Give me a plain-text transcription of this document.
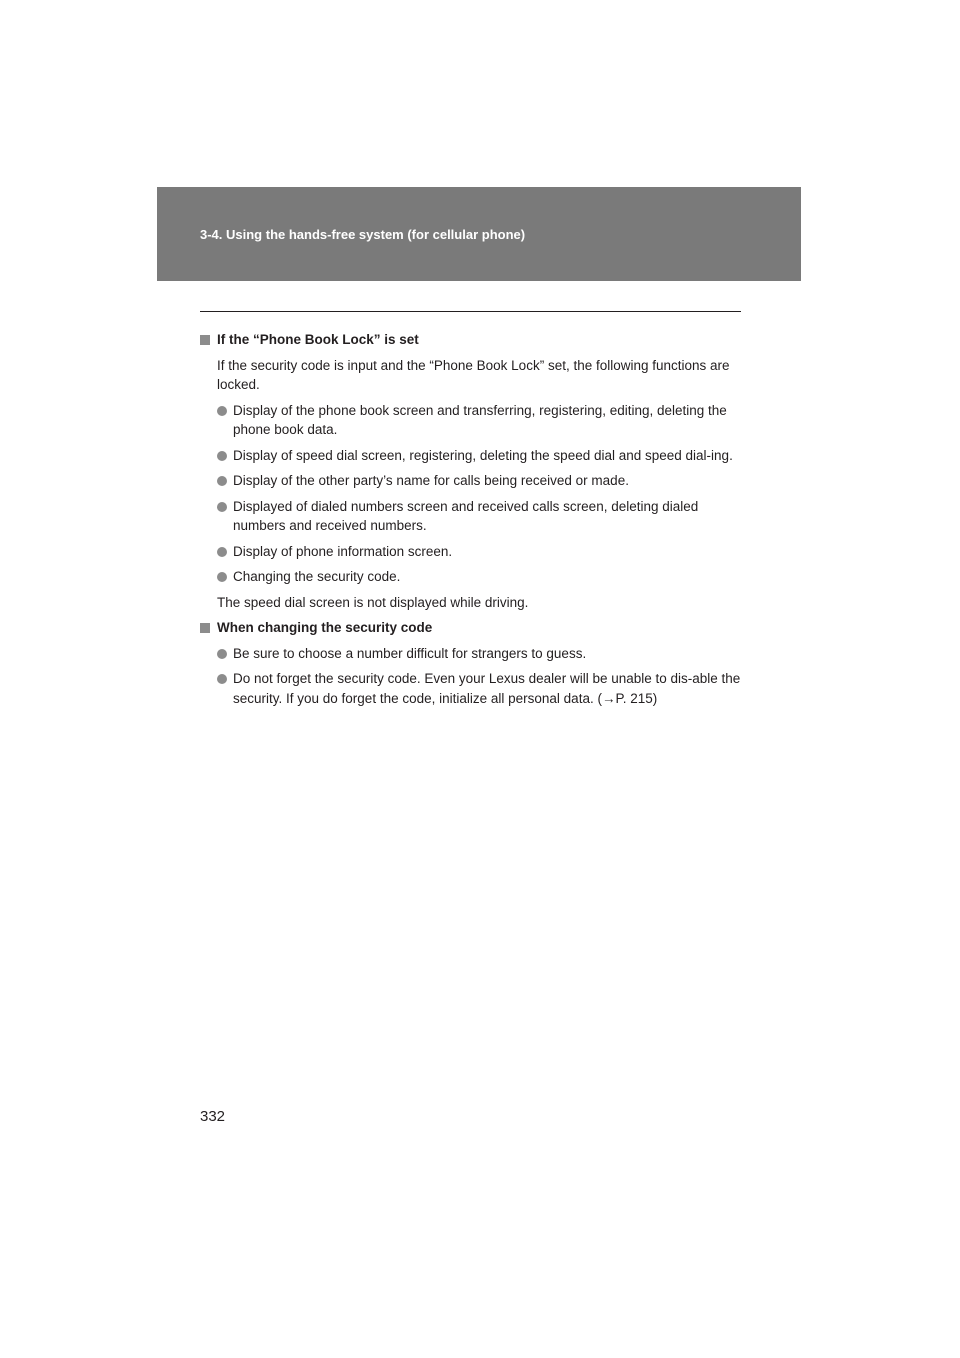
3-4. Using the hands-free system (for cellular phone)
If the “Phone Book Lock” is set
If the security code is input and the “Phone Book Lock” set, the following functions are locked.
Display of the phone book screen and transferring, registering, editing, deleting the phone book data.
Display of speed dial screen, registering, deleting the speed dial and speed dial-ing.
Display of the other party’s name for calls being received or made.
Displayed of dialed numbers screen and received calls screen, deleting dialed numbers and received numbers.
Display of phone information screen.
Changing the security code.
The speed dial screen is not displayed while driving.
When changing the security code
Be sure to choose a number difficult for strangers to guess.
Do not forget the security code. Even your Lexus dealer will be unable to dis-able the security. If you do forget the code, initialize all personal data. (→P. 215)
332
